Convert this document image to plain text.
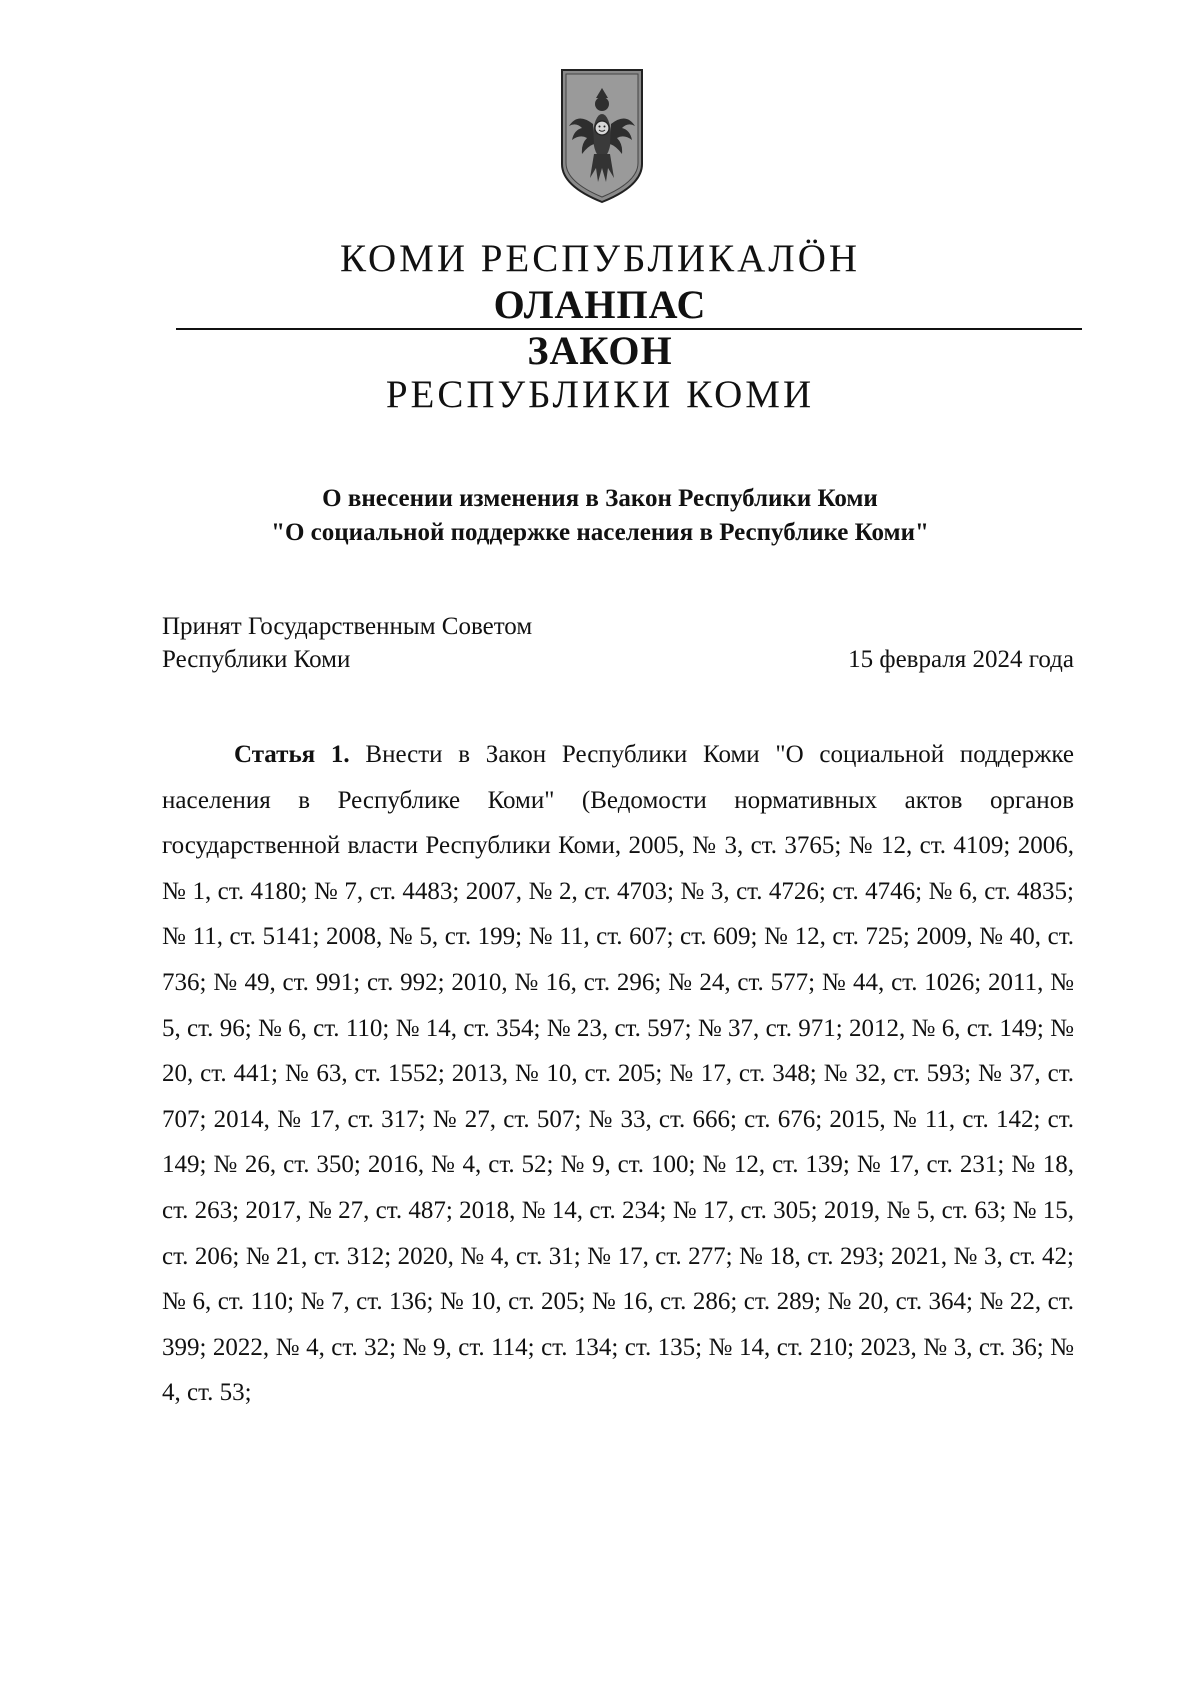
КОМИ РЕСПУБЛИКАЛÖН
ОЛАНПАС
ЗАКОН
РЕСПУБЛИКИ КОМИ
О внесении изменения в Закон Республики Коми
"О социальной поддержке населения в Республике Коми"
Принят Государственным Советом
Республики Коми	15 февраля 2024 года

Статья 1. Внести в Закон Республики Коми "О социальной поддержке населения в Республике Коми" (Ведомости нормативных актов органов государственной власти Республики Коми, 2005, № 3, ст. 3765; № 12, ст. 4109; 2006, № 1, ст. 4180; № 7, ст. 4483; 2007, № 2, ст. 4703; № 3, ст. 4726; ст. 4746; № 6, ст. 4835; № 11, ст. 5141; 2008, № 5, ст. 199; № 11, ст. 607; ст. 609; № 12, ст. 725; 2009, № 40, ст. 736; № 49, ст. 991; ст. 992; 2010, № 16, ст. 296; № 24, ст. 577; № 44, ст. 1026; 2011, № 5, ст. 96; № 6, ст. 110; № 14, ст. 354; № 23, ст. 597; № 37, ст. 971; 2012, № 6, ст. 149; № 20, ст. 441; № 63, ст. 1552; 2013, № 10, ст. 205; № 17, ст. 348; № 32, ст. 593; № 37, ст. 707; 2014, № 17, ст. 317; № 27, ст. 507; № 33, ст. 666; ст. 676; 2015, № 11, ст. 142; ст. 149; № 26, ст. 350; 2016, № 4, ст. 52; № 9, ст. 100; № 12, ст. 139; № 17, ст. 231; № 18, ст. 263; 2017, № 27, ст. 487; 2018, № 14, ст. 234; № 17, ст. 305; 2019, № 5, ст. 63; № 15, ст. 206; № 21, ст. 312; 2020, № 4, ст. 31; № 17, ст. 277; № 18, ст. 293; 2021, № 3, ст. 42; № 6, ст. 110; № 7, ст. 136; № 10, ст. 205; № 16, ст. 286; ст. 289; № 20, ст. 364; № 22, ст. 399; 2022, № 4, ст. 32; № 9, ст. 114; ст. 134; ст. 135; № 14, ст. 210; 2023, № 3, ст. 36; № 4, ст. 53;
